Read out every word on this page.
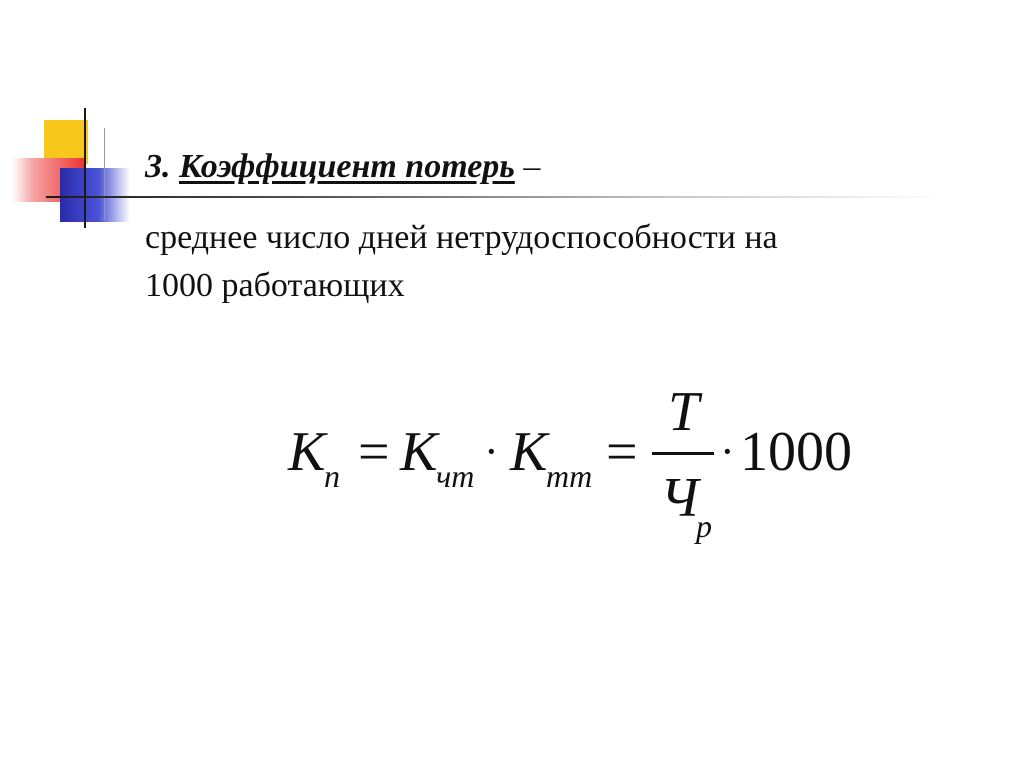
3. Коэффициент потерь –
среднее число дней нетрудоспособности на
1000 работающих
К
п = К
чт · К
тт =
Т
Ч
р
· 1000
